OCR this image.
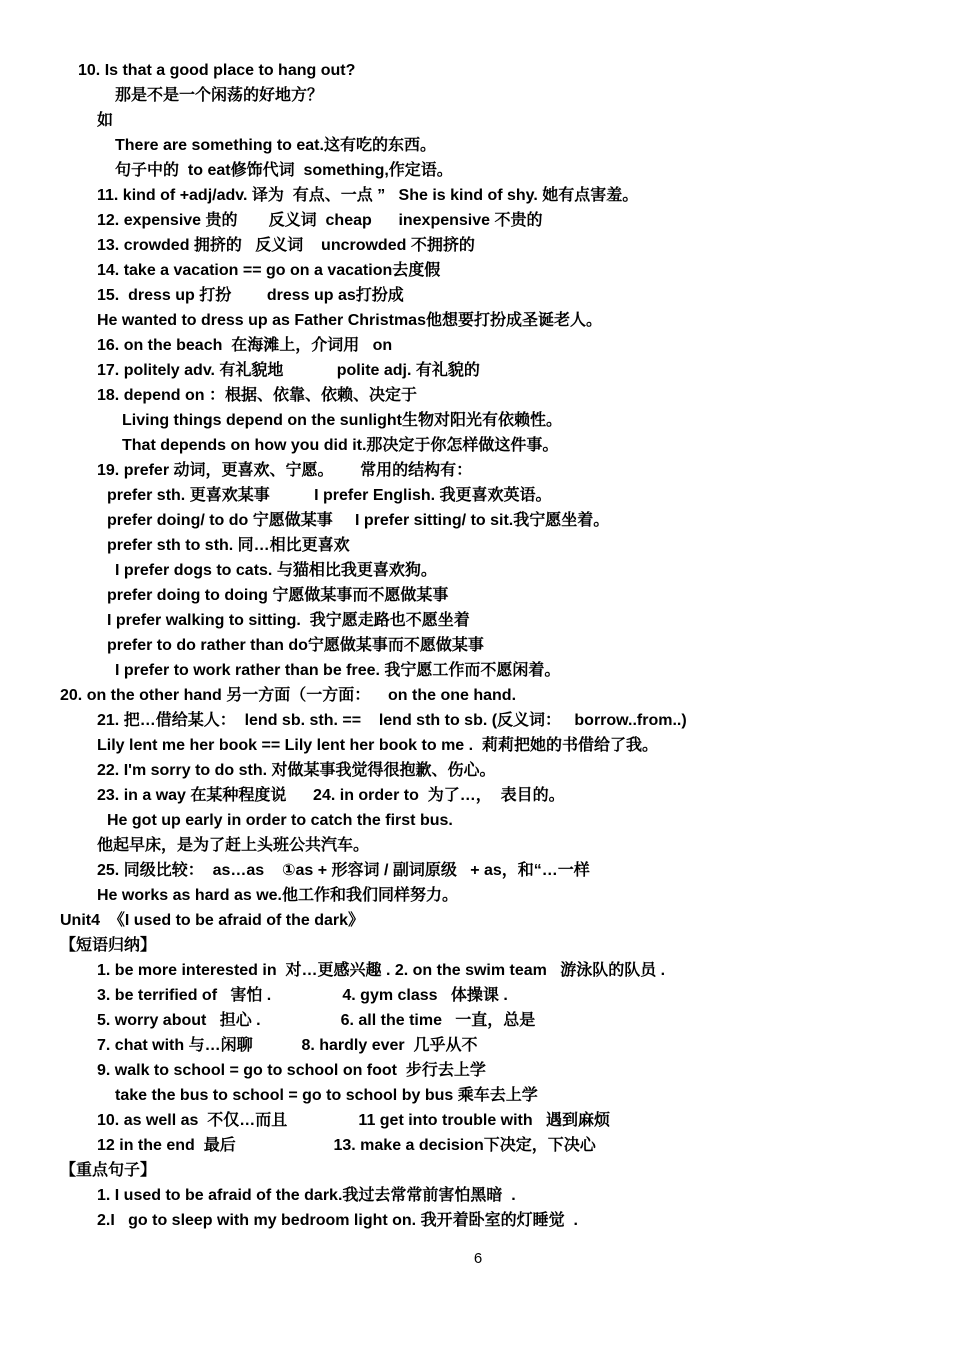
10. Is that a good place to hang out?
那是不是一个闲荡的好地方？
如
There are something to eat.这有吃的东西。
句子中的  to eat修饰代词  something,作定语。
11. kind of +adj/adv. 译为  有点、一点 ”   She is kind of shy. 她有点害羞。
12. expensive 贵的       反义词  cheap      inexpensive 不贵的
13. crowded 拥挤的   反义词    uncrowded 不拥挤的
14. take a vacation == go on a vacation去度假
15.  dress up 打扮        dress up as打扮成
He wanted to dress up as Father Christmas他想要打扮成圣诞老人。
16. on the beach  在海滩上，介词用   on
17. politely adv. 有礼貌地            polite adj. 有礼貌的
18. depend on ：根据、依靠、依赖、决定于
Living things depend on the sunlight生物对阳光有依赖性。
That depends on how you did it.那决定于你怎样做这件事。
19. prefer 动词，更喜欢、宁愿。      常用的结构有：
prefer sth. 更喜欢某事          I prefer English. 我更喜欢英语。
prefer doing/ to do 宁愿做某事     I prefer sitting/ to sit.我宁愿坐着。
prefer sth to sth. 同…相比更喜欢
I prefer dogs to cats. 与猫相比我更喜欢狗。
prefer doing to doing 宁愿做某事而不愿做某事
I prefer walking to sitting.  我宁愿走路也不愿坐着
prefer to do rather than do宁愿做某事而不愿做某事
I prefer to work rather than be free. 我宁愿工作而不愿闲着。
20. on the other hand 另一方面（一方面：    on the one hand.
21. 把…借给某人：  lend sb. sth. ==    lend sth to sb. (反义词：   borrow..from..)
Lily lent me her book == Lily lent her book to me .  莉莉把她的书借给了我。
22. I'm sorry to do sth. 对做某事我觉得很抱歉、伤心。
23. in a way 在某种程度说      24. in order to  为了…，  表目的。
He got up early in order to catch the first bus.
他起早床，是为了赶上头班公共汽车。
25. 同级比较：  as…as    ①as + 形容词 / 副词原级   + as，和“…一样
He works as hard as we.他工作和我们同样努力。
Unit4  《I used to be afraid of the dark》
【短语归纳】
1. be more interested in  对…更感兴趣 . 2. on the swim team   游泳队的队员 .
3. be terrified of   害怕 .                4. gym class   体操课 .
5. worry about   担心 .                  6. all the time   一直，总是
7. chat with 与…闲聊           8. hardly ever  几乎从不
9. walk to school = go to school on foot  步行去上学
take the bus to school = go to school by bus 乘车去上学
10. as well as  不仅…而且                11 get into trouble with   遇到麻烦
12 in the end  最后                      13. make a decision下决定，下决心
【重点句子】
1. I used to be afraid of the dark.我过去常常前害怕黑暗  .
2.I   go to sleep with my bedroom light on. 我开着卧室的灯睡觉  .
6
